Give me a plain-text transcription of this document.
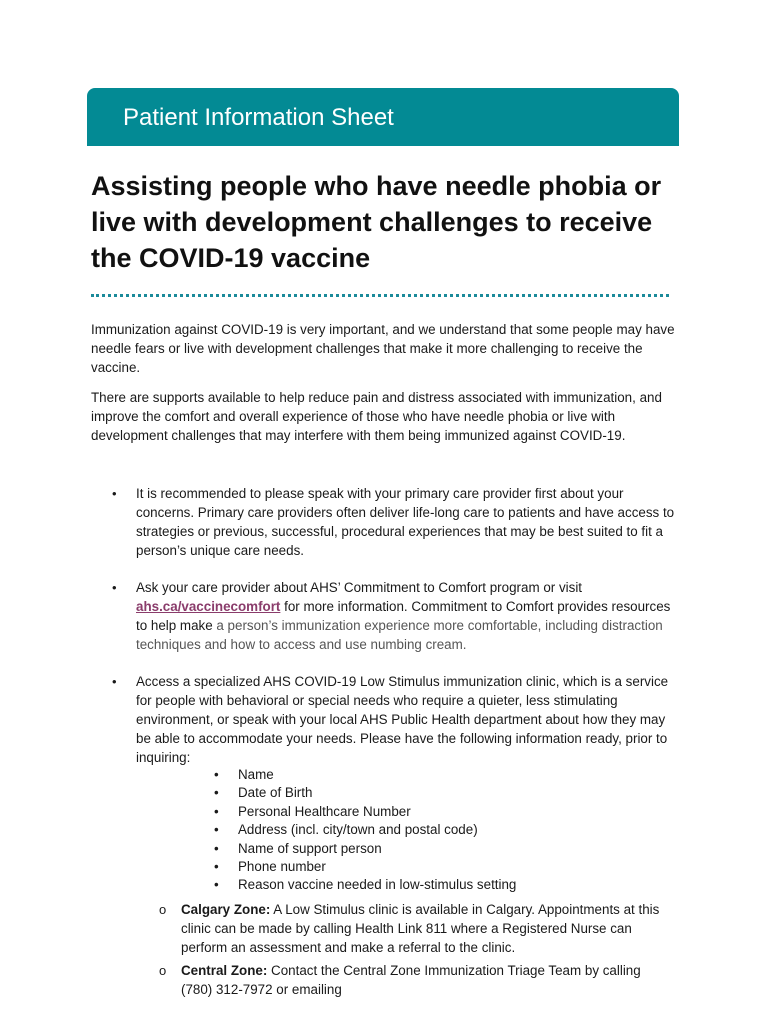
Patient Information Sheet
Assisting people who have needle phobia or live with development challenges to receive the COVID-19 vaccine

Immunization against COVID-19 is very important, and we understand that some people may have needle fears or live with development challenges that make it more challenging to receive the vaccine.

There are supports available to help reduce pain and distress associated with immunization, and improve the comfort and overall experience of those who have needle phobia or live with development challenges that may interfere with them being immunized against COVID-19.

• It is recommended to please speak with your primary care provider first about your concerns. Primary care providers often deliver life-long care to patients and have access to strategies or previous, successful, procedural experiences that may be best suited to fit a person’s unique care needs.

• Ask your care provider about AHS’ Commitment to Comfort program or visit
ahs.ca/vaccinecomfort for more information. Commitment to Comfort provides resources to help make a person’s immunization experience more comfortable, including distraction techniques and how to access and use numbing cream.

• Access a specialized AHS COVID-19 Low Stimulus immunization clinic, which is a service for people with behavioral or special needs who require a quieter, less stimulating environment, or speak with your local AHS Public Health department about how they may be able to accommodate your needs. Please have the following information ready, prior to inquiring:

• Name
• Date of Birth
• Personal Healthcare Number
• Address (incl. city/town and postal code)
• Name of support person
• Phone number
• Reason vaccine needed in low-stimulus setting
o Calgary Zone: A Low Stimulus clinic is available in Calgary. Appointments at this clinic can be made by calling Health Link 811 where a Registered Nurse can perform an assessment and make a referral to the clinic.

o Central Zone: Contact the Central Zone Immunization Triage Team by calling (780) 312-7972 or emailing
